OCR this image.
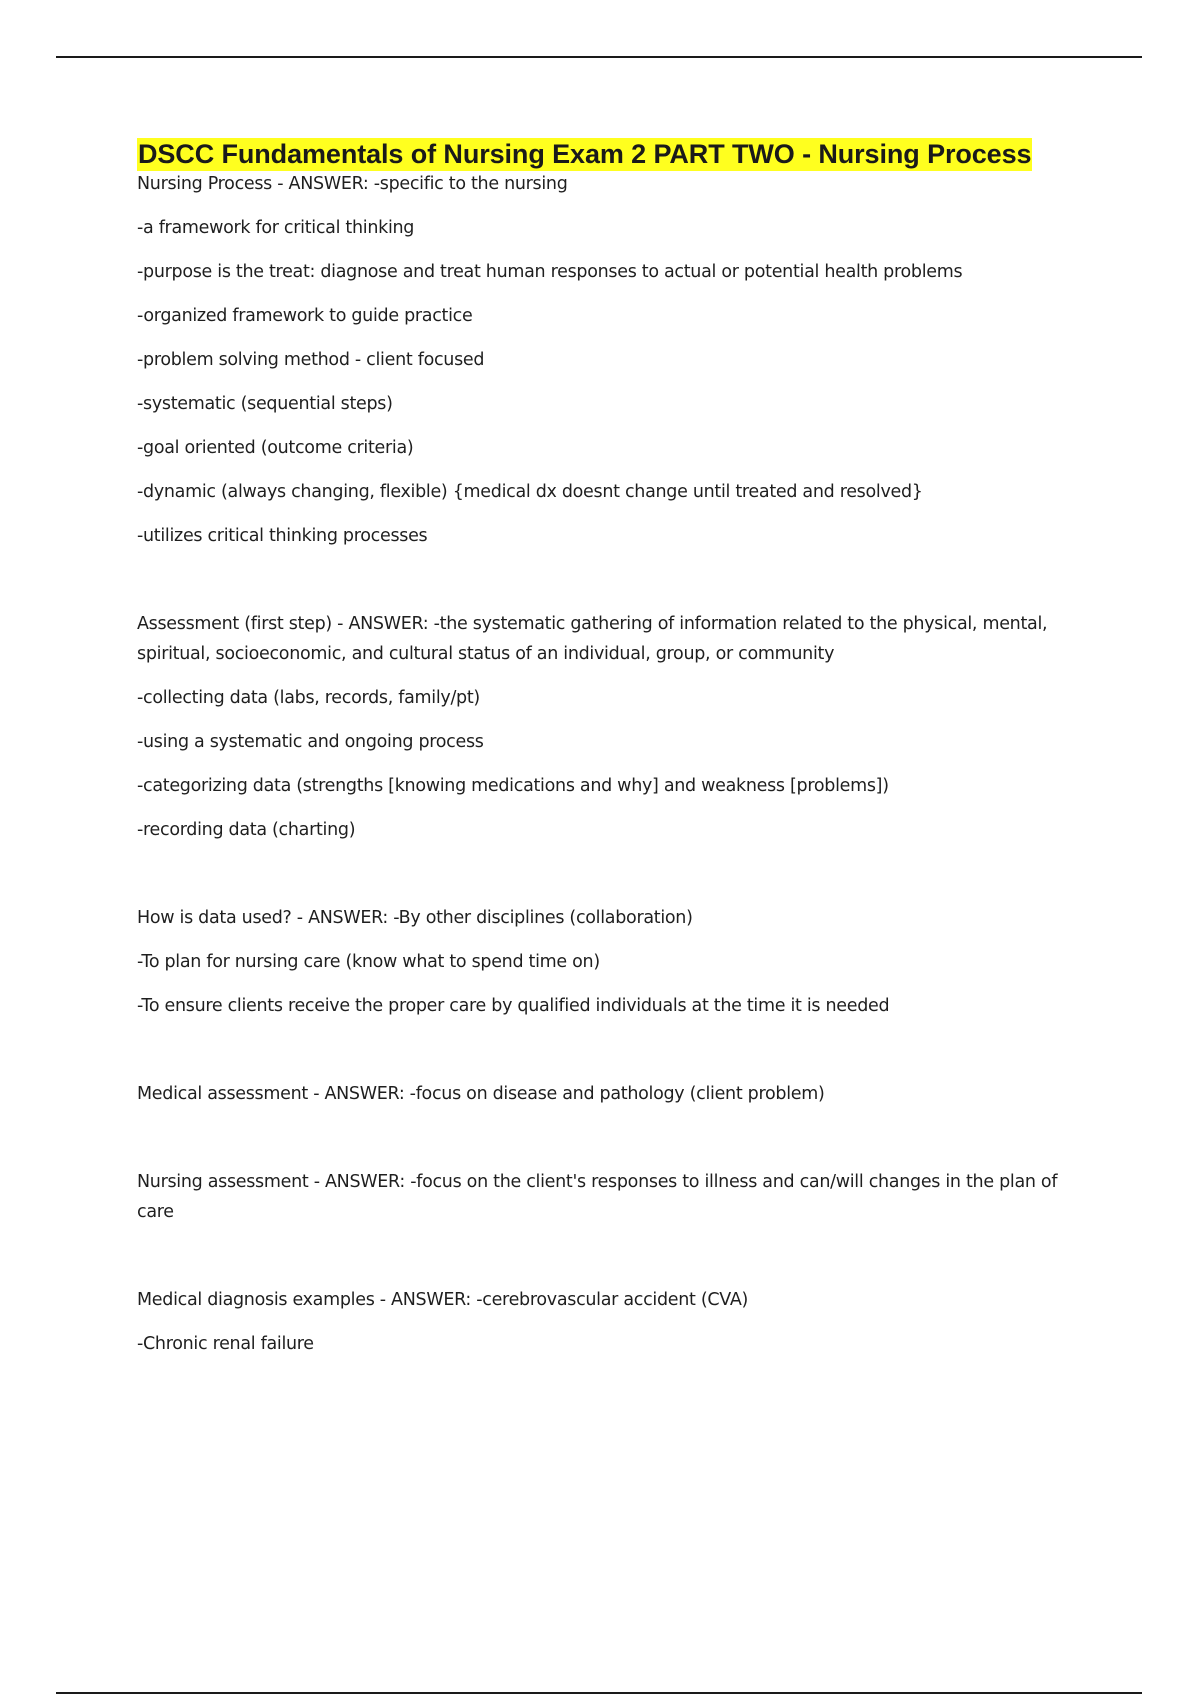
DSCC Fundamentals of Nursing Exam 2 PART TWO - Nursing Process

Nursing Process - ANSWER: -specific to the nursing

-a framework for critical thinking

-purpose is the treat: diagnose and treat human responses to actual or potential health problems

-organized framework to guide practice

-problem solving method - client focused

-systematic (sequential steps)

-goal oriented (outcome criteria)

-dynamic (always changing, flexible) {medical dx doesnt change until treated and resolved}

-utilizes critical thinking processes

Assessment (first step) - ANSWER: -the systematic gathering of information related to the physical, mental, spiritual, socioeconomic, and cultural status of an individual, group, or community

-collecting data (labs, records, family/pt)

-using a systematic and ongoing process

-categorizing data (strengths [knowing medications and why] and weakness [problems])

-recording data (charting)

How is data used? - ANSWER: -By other disciplines (collaboration)

-To plan for nursing care (know what to spend time on)

-To ensure clients receive the proper care by qualified individuals at the time it is needed

Medical assessment - ANSWER: -focus on disease and pathology (client problem)

Nursing assessment - ANSWER: -focus on the client's responses to illness and can/will changes in the plan of care

Medical diagnosis examples - ANSWER: -cerebrovascular accident (CVA)

-Chronic renal failure
